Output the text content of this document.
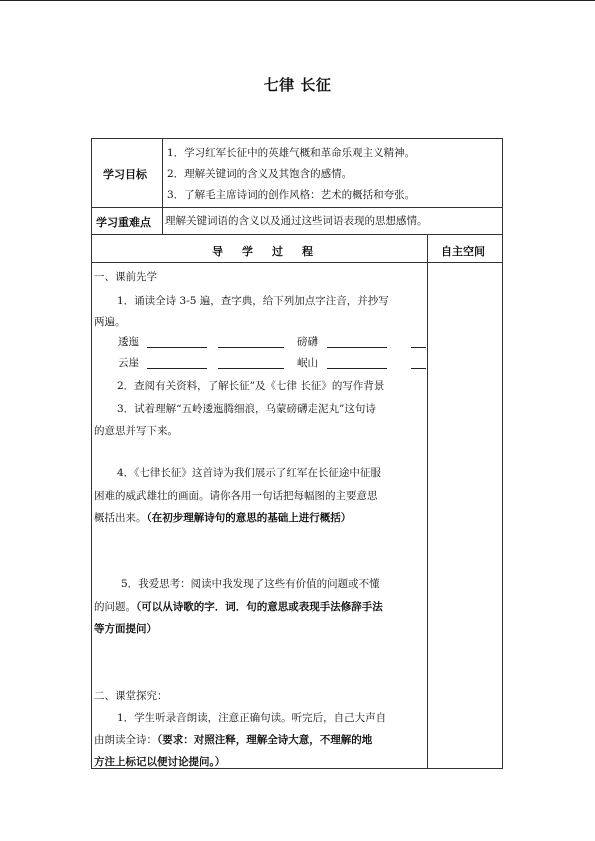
七律 长征
学习目标
1．学习红军长征中的英雄气概和革命乐观主义精神。
2．理解关键词的含义及其饱含的感情。
3．了解毛主席诗词的创作风格：艺术的概括和夸张。
学习重难点 理解关键词语的含义以及通过这些词语表现的思想感情。
导 学 过 程	自主空间
一、课前先学
1．诵读全诗 3-5 遍，查字典，给下列加点字注音，并抄写
两遍。
逶迤	磅礴
云崖	岷山
2．查阅有关资料，了解长征”及《七律 长征》的写作背景
3．试着理解“五岭逶迤腾细浪，乌蒙磅礴走泥丸”这句诗
的意思并写下来。
4．《七律长征》这首诗为我们展示了红军在长征途中征服
困难的威武雄壮的画面。请你各用一句话把每幅图的主要意思
概括出来。（在初步理解诗句的意思的基础上进行概括）
5．我爱思考：阅读中我发现了这些有价值的问题或不懂
的问题。（可以从诗歌的字．词．句的意思或表现手法修辞手法
等方面提问）
二、课堂探究：
1．学生听录音朗读，注意正确句读。听完后，自己大声自
由朗读全诗：（要求：对照注释，理解全诗大意，不理解的地
方注上标记以便讨论提问。）
